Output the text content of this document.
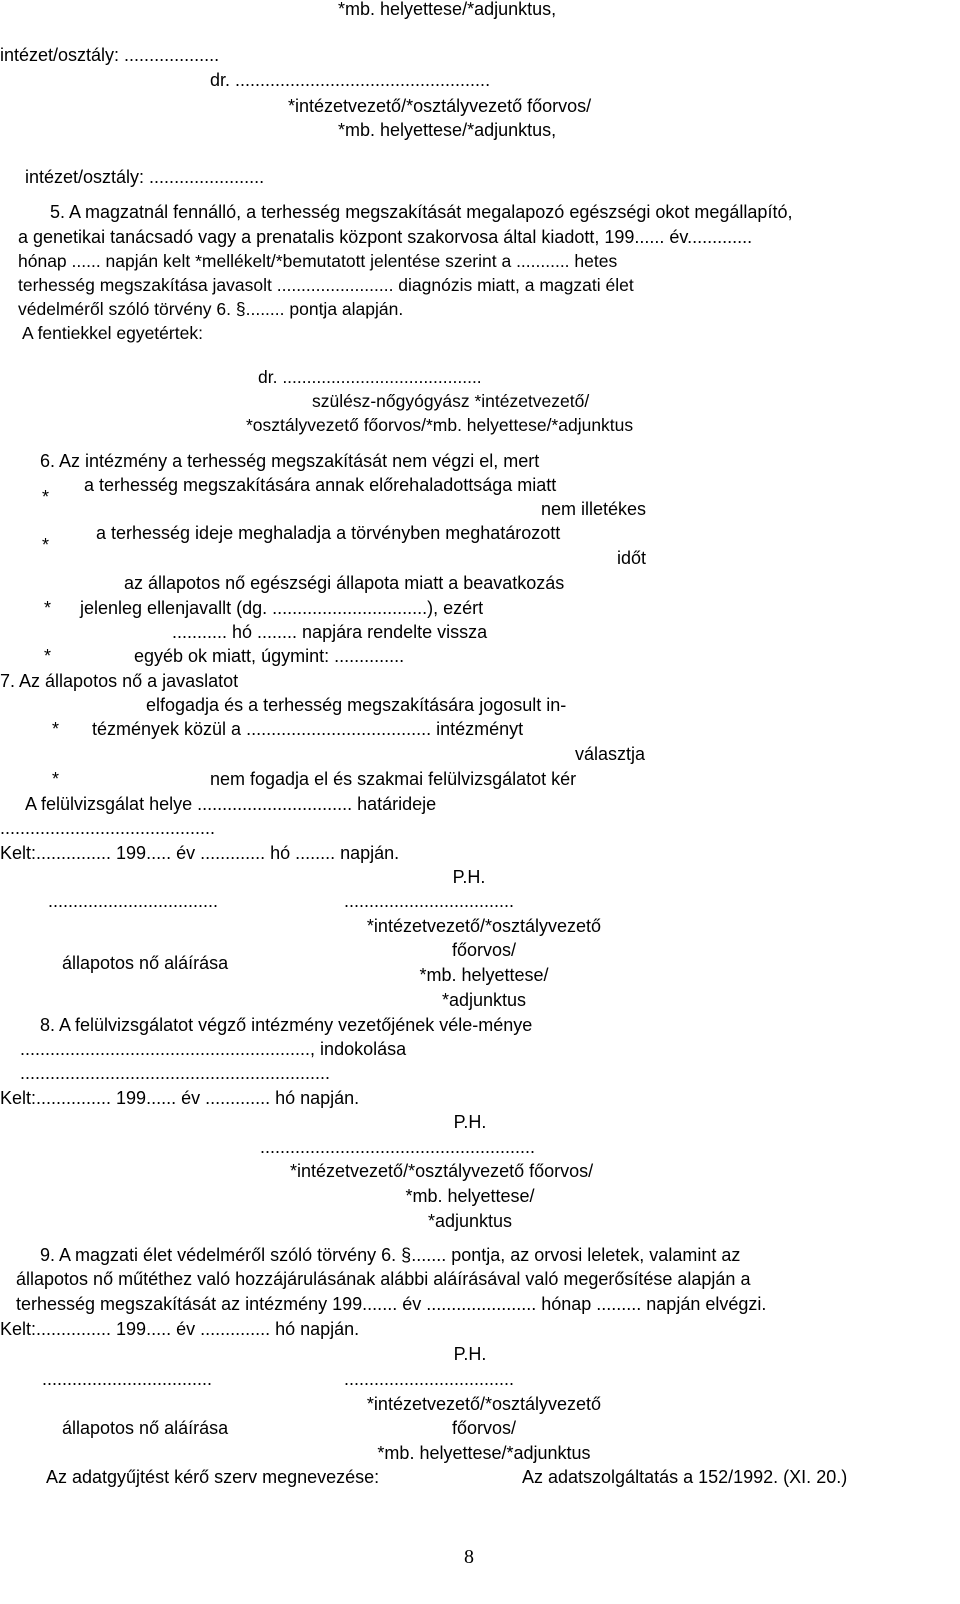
*mb. helyettese/*adjunktus,
intézet/osztály: ...................
dr. ...................................................
*intézetvezető/*osztályvezető főorvos/
*mb. helyettese/*adjunktus,
intézet/osztály: .......................
5. A magzatnál fennálló, a terhesség megszakítását megalapozó egészségi okot megállapító,
a genetikai tanácsadó vagy a prenatalis központ szakorvosa által kiadott, 199...... év.............
hónap ...... napján kelt *mellékelt/*bemutatott jelentése szerint a ........... hetes
terhesség megszakítása javasolt ........................ diagnózis miatt, a magzati élet
védelméről szóló törvény 6. §........ pontja alapján.
A fentiekkel egyetértek:
dr. .........................................
szülész-nőgyógyász *intézetvezető/
*osztályvezető főorvos/*mb. helyettese/*adjunktus
6. Az intézmény a terhesség megszakítását nem végzi el, mert
*
a terhesség megszakítására annak előrehaladottsága miatt
nem illetékes
*
a terhesség ideje meghaladja a törvényben meghatározott
időt
az állapotos nő egészségi állapota miatt a beavatkozás
* jelenleg ellenjavallt (dg. ...............................), ezért
........... hó ........ napjára rendelte vissza
*	egyéb ok miatt, úgymint: ..............
7. Az állapotos nő a javaslatot
elfogadja és a terhesség megszakítására jogosult in-
* tézmények közül a ..................................... intézményt
választja
*	nem fogadja el és szakmai felülvizsgálatot kér
A felülvizsgálat helye ............................... határideje
...........................................
Kelt:............... 199..... év ............. hó ........ napján.
P.H.
..................................	..................................
*intézetvezető/*osztályvezető
főorvos/
állapotos nő aláírása
*mb. helyettese/
*adjunktus
8. A felülvizsgálatot végző intézmény vezetőjének véle-ménye
.........................................................., indokolása
..............................................................
Kelt:............... 199...... év ............. hó napján.
P.H.
.......................................................
*intézetvezető/*osztályvezető főorvos/
*mb. helyettese/
*adjunktus
9. A magzati élet védelméről szóló törvény 6. §....... pontja, az orvosi leletek, valamint az
állapotos nő műtéthez való hozzájárulásának alábbi aláírásával való megerősítése alapján a
terhesség megszakítását az intézmény 199....... év ...................... hónap ......... napján elvégzi.
Kelt:............... 199..... év .............. hó napján.
P.H.
..................................	..................................
*intézetvezető/*osztályvezető
állapotos nő aláírása	főorvos/
*mb. helyettese/*adjunktus
Az adatgyűjtést kérő szerv megnevezése:	Az adatszolgáltatás a 152/1992. (XI. 20.)
8
